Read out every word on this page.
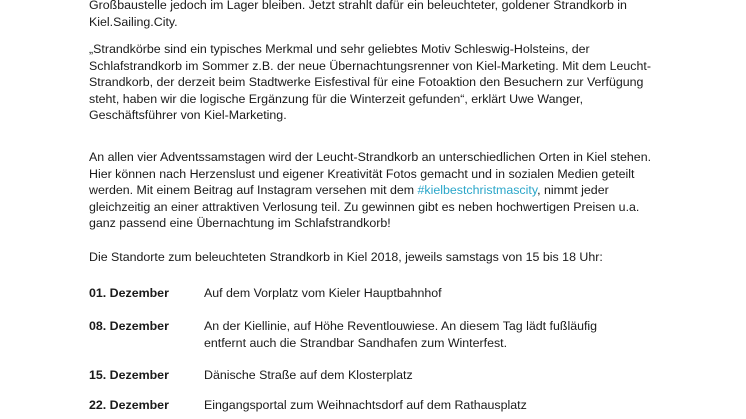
Großbaustelle jedoch im Lager bleiben. Jetzt strahlt dafür ein beleuchteter, goldener Strandkorb in
Kiel.Sailing.City.
„Strandkörbe sind ein typisches Merkmal und sehr geliebtes Motiv Schleswig-Holsteins, der
Schlafstrandkorb im Sommer z.B. der neue Übernachtungsrenner von Kiel-Marketing. Mit dem Leucht-
Strandkorb, der derzeit beim Stadtwerke Eisfestival für eine Fotoaktion den Besuchern zur Verfügung
steht, haben wir die logische Ergänzung für die Winterzeit gefunden“, erklärt Uwe Wanger,
Geschäftsführer von Kiel-Marketing.
An allen vier Adventssamstagen wird der Leucht-Strandkorb an unterschiedlichen Orten in Kiel stehen.
Hier können nach Herzenslust und eigener Kreativität Fotos gemacht und in sozialen Medien geteilt
werden. Mit einem Beitrag auf Instagram versehen mit dem #kielbestchristmascity, nimmt jeder
gleichzeitig an einer attraktiven Verlosung teil. Zu gewinnen gibt es neben hochwertigen Preisen u.a.
ganz passend eine Übernachtung im Schlafstrandkorb!
Die Standorte zum beleuchteten Strandkorb in Kiel 2018, jeweils samstags von 15 bis 18 Uhr:
01. Dezember	Auf dem Vorplatz vom Kieler Hauptbahnhof
08. Dezember	An der Kiellinie, auf Höhe Reventlouwiese. An diesem Tag lädt fußläufig
entfernt auch die Strandbar Sandhafen zum Winterfest.
15. Dezember	Dänische Straße auf dem Klosterplatz
22. Dezember	Eingangsportal zum Weihnachtsdorf auf dem Rathausplatz
